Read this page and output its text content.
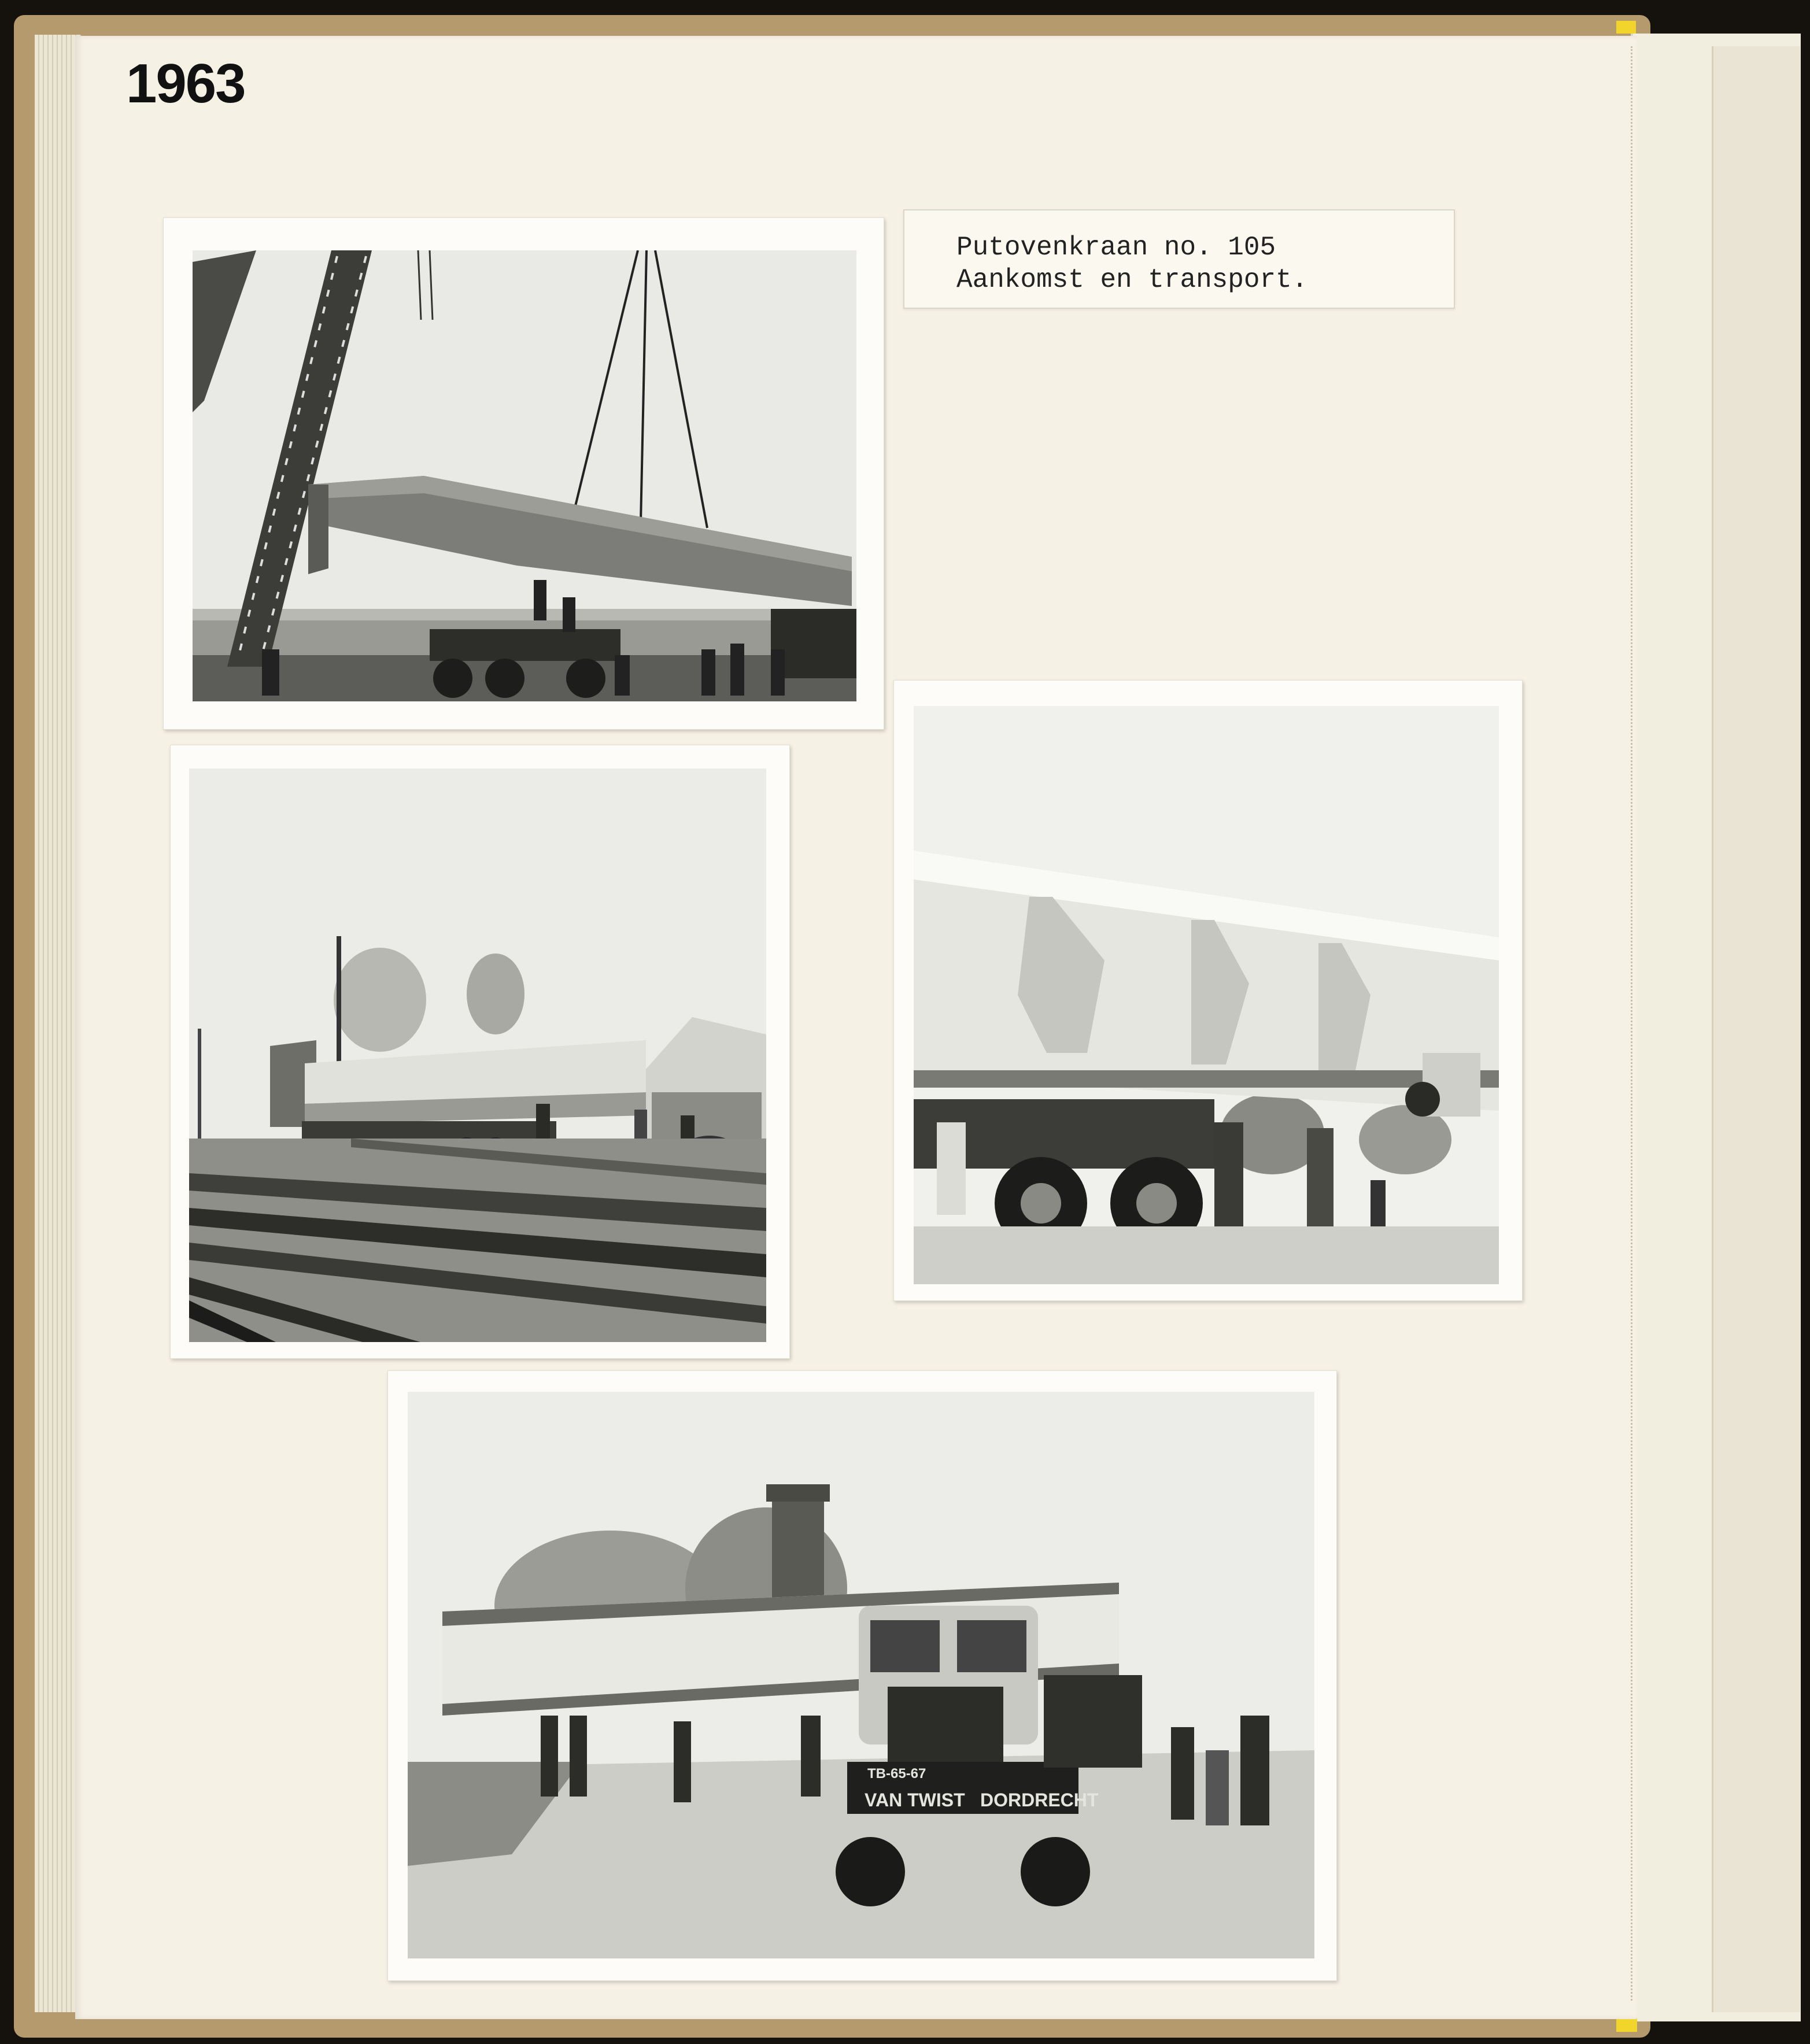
1963
Putovenkraan no. 105
Aankomst en transport.
VAN TWIST DORDRECHT
TB-65-67
